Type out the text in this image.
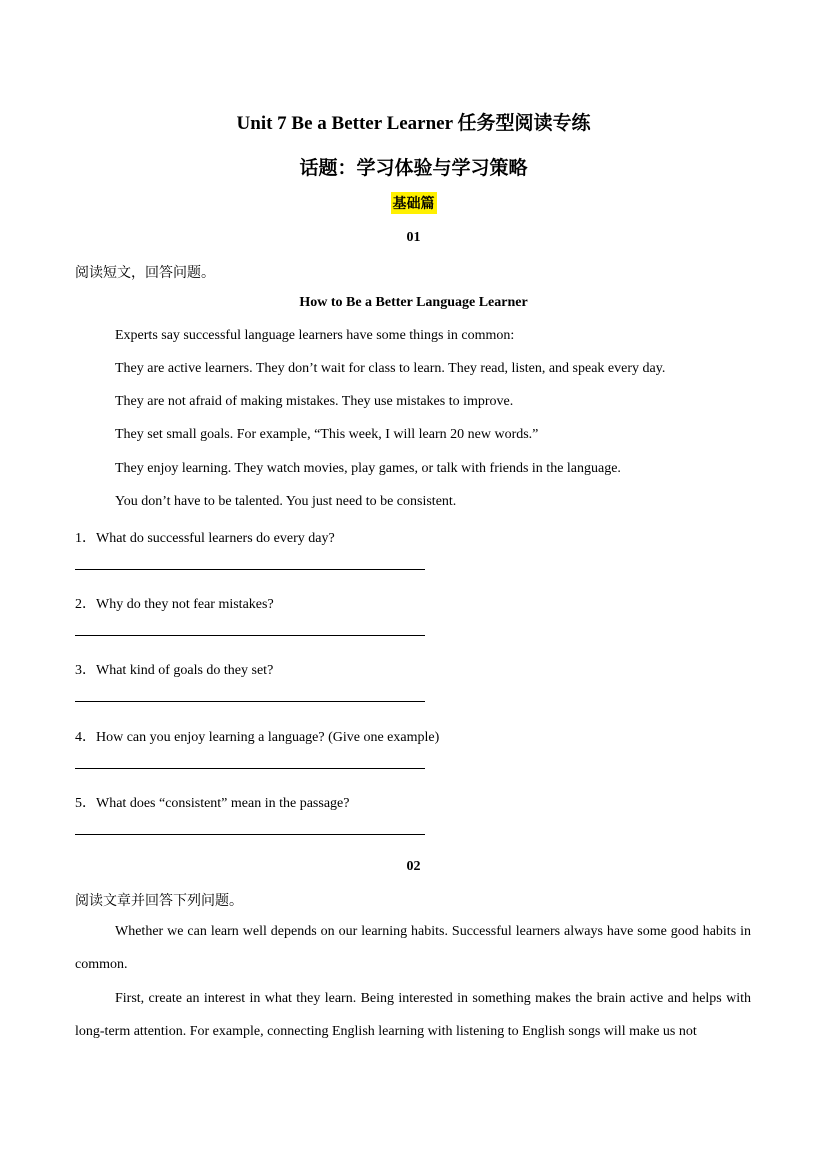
Unit 7 Be a Better Learner 任务型阅读专练
话题：学习体验与学习策略
基础篇
01
阅读短文，回答问题。
How to Be a Better Language Learner
Experts say successful language learners have some things in common:
They are active learners. They don’t wait for class to learn. They read, listen, and speak every day.
They are not afraid of making mistakes. They use mistakes to improve.
They set small goals. For example, “This week, I will learn 20 new words.”
They enjoy learning. They watch movies, play games, or talk with friends in the language.
You don’t have to be talented. You just need to be consistent.
1．What do successful learners do every day?
2．Why do they not fear mistakes?
3．What kind of goals do they set?
4．How can you enjoy learning a language? (Give one example)
5．What does “consistent” mean in the passage?
02
阅读文章并回答下列问题。
Whether we can learn well depends on our learning habits. Successful learners always have some good habits in common.
First, create an interest in what they learn. Being interested in something makes the brain active and helps with long-term attention. For example, connecting English learning with listening to English songs will make us not
